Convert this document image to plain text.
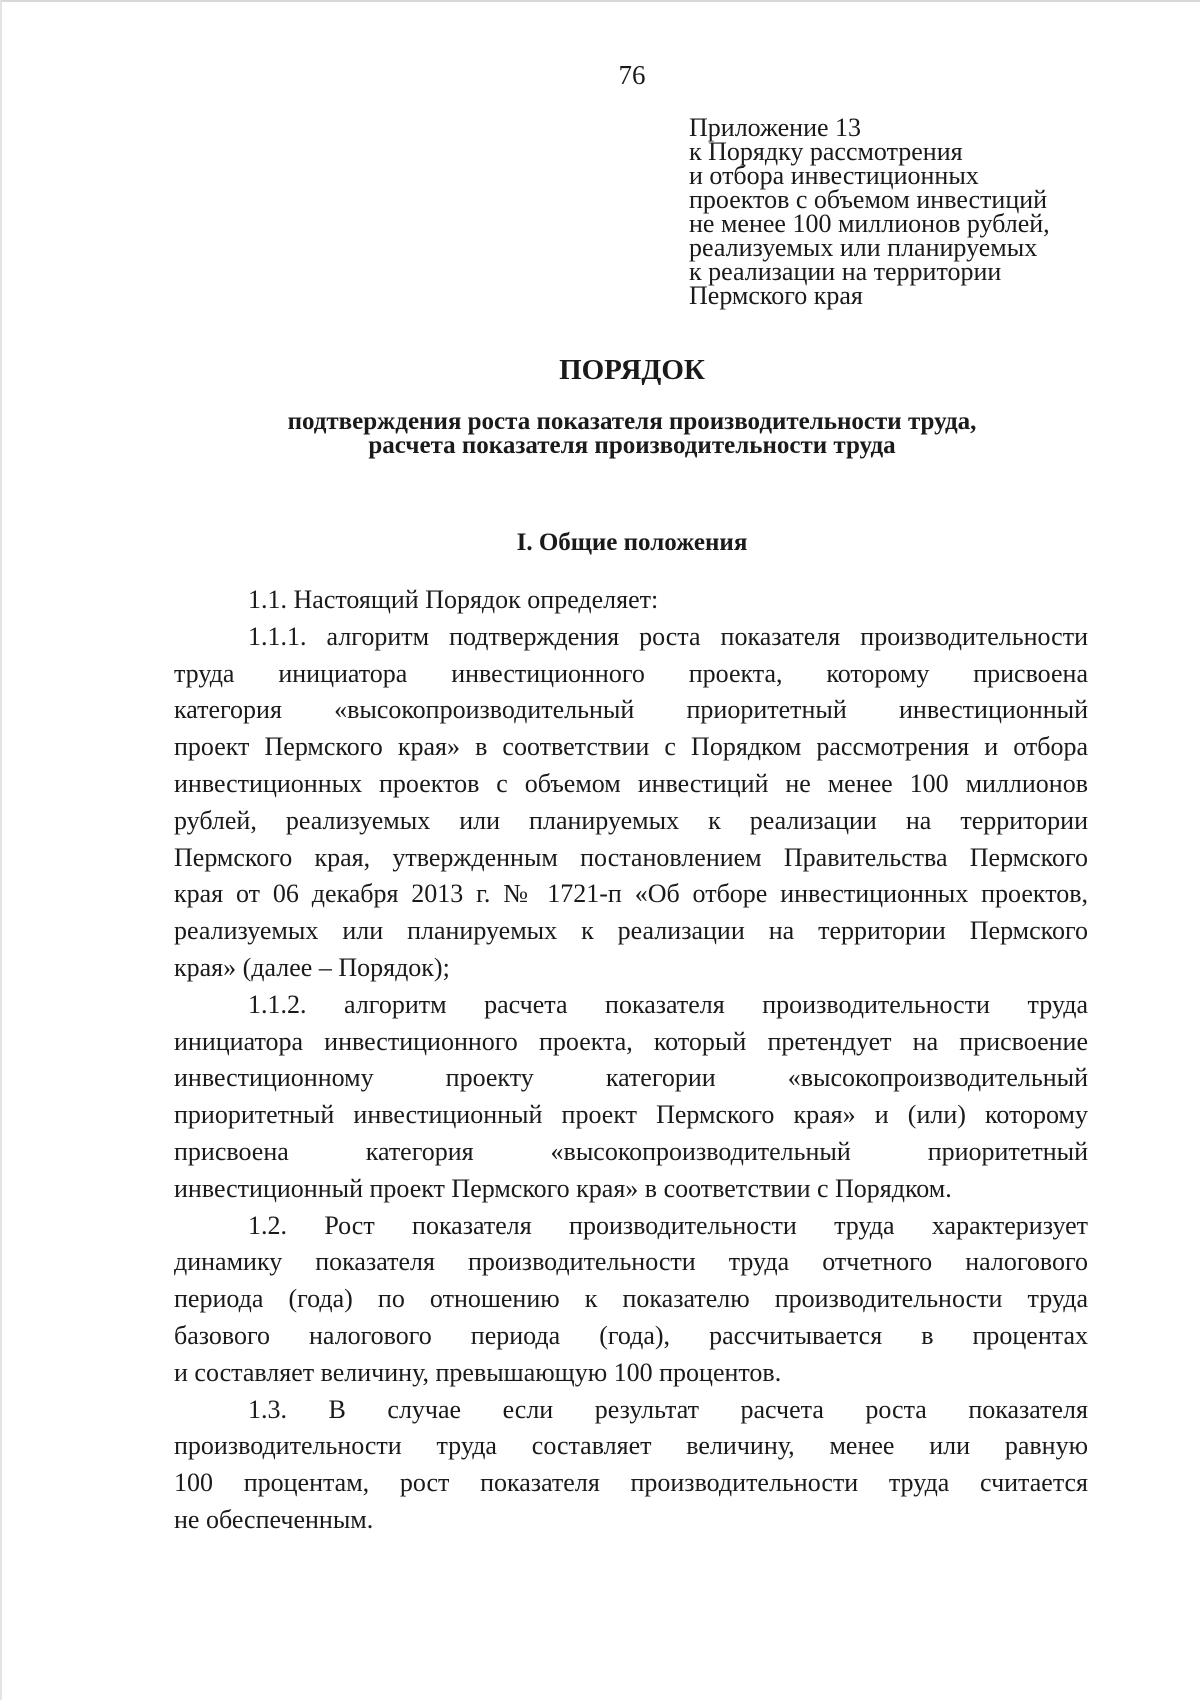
76
Приложение 13
к Порядку рассмотрения
и отбора инвестиционных
проектов с объемом инвестиций
не менее 100 миллионов рублей,
реализуемых или планируемых
к реализации на территории
Пермского края
ПОРЯДОК
подтверждения роста показателя производительности труда,
расчета показателя производительности труда
I. Общие положения
1.1. Настоящий Порядок определяет:
1.1.1. алгоритм подтверждения роста показателя производительности
труда инициатора инвестиционного проекта, которому присвоена
категория «высокопроизводительный приоритетный инвестиционный
проект Пермского края» в соответствии с Порядком рассмотрения и отбора
инвестиционных проектов с объемом инвестиций не менее 100 миллионов
рублей, реализуемых или планируемых к реализации на территории
Пермского края, утвержденным постановлением Правительства Пермского
края от 06 декабря 2013 г. № 1721-п «Об отборе инвестиционных проектов,
реализуемых или планируемых к реализации на территории Пермского
края» (далее – Порядок);
1.1.2. алгоритм расчета показателя производительности труда
инициатора инвестиционного проекта, который претендует на присвоение
инвестиционному проекту категории «высокопроизводительный
приоритетный инвестиционный проект Пермского края» и (или) которому
присвоена категория «высокопроизводительный приоритетный
инвестиционный проект Пермского края» в соответствии с Порядком.
1.2. Рост показателя производительности труда характеризует
динамику показателя производительности труда отчетного налогового
периода (года) по отношению к показателю производительности труда
базового налогового периода (года), рассчитывается в процентах
и составляет величину, превышающую 100 процентов.
1.3. В случае если результат расчета роста показателя
производительности труда составляет величину, менее или равную
100 процентам, рост показателя производительности труда считается
не обеспеченным.
